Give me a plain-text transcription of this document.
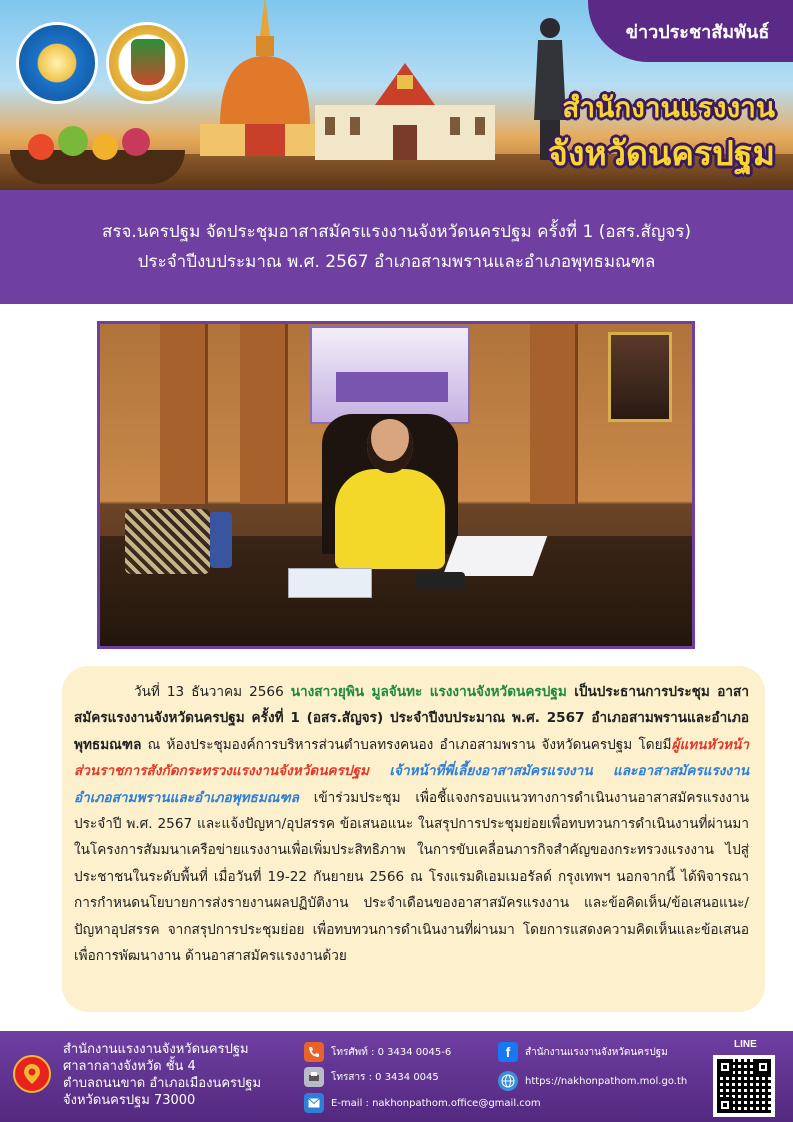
ข่าวประชาสัมพันธ์
สำนักงานแรงงาน
จังหวัดนครปฐม
สรจ.นครปฐม จัดประชุมอาสาสมัครแรงงานจังหวัดนครปฐม ครั้งที่ 1 (อสร.สัญจร)
ประจำปีงบประมาณ พ.ศ. 2567 อำเภอสามพรานและอำเภอพุทธมณฑล
วันที่ 13 ธันวาคม 2566 นางสาวยุพิน มูลจันทะ แรงงานจังหวัดนครปฐม เป็นประธานการประชุม อาสาสมัครแรงงานจังหวัดนครปฐม ครั้งที่ 1 (อสร.สัญจร) ประจำปีงบประมาณ พ.ศ. 2567 อำเภอสามพรานและอำเภอพุทธมณฑล ณ ห้องประชุมองค์การบริหารส่วนตำบลทรงคนอง อำเภอสามพราน จังหวัดนครปฐม โดยมีผู้แทนหัวหน้าส่วนราชการสังกัดกระทรวงแรงงานจังหวัดนครปฐม เจ้าหน้าที่พี่เลี้ยงอาสาสมัครแรงงาน และอาสาสมัครแรงงานอำเภอสามพรานและอำเภอพุทธมณฑล เข้าร่วมประชุม เพื่อชี้แจงกรอบแนวทางการดำเนินงานอาสาสมัครแรงงาน ประจำปี พ.ศ. 2567 และแจ้งปัญหา/อุปสรรค ข้อเสนอแนะ ในสรุปการประชุมย่อยเพื่อทบทวนการดำเนินงานที่ผ่านมา ในโครงการสัมมนาเครือข่ายแรงงานเพื่อเพิ่มประสิทธิภาพ ในการขับเคลื่อนภารกิจสำคัญของกระทรวงแรงงาน ไปสู่ประชาชนในระดับพื้นที่ เมื่อวันที่ 19-22 กันยายน 2566 ณ โรงแรมดิเอมเมอรัลด์ กรุงเทพฯ นอกจากนี้ ได้พิจารณาการกำหนดนโยบายการส่งรายงานผลปฏิบัติงาน ประจำเดือนของอาสาสมัครแรงงาน และข้อคิดเห็น/ข้อเสนอแนะ/ปัญหาอุปสรรค จากสรุปการประชุมย่อย เพื่อทบทวนการดำเนินงานที่ผ่านมา โดยการแสดงความคิดเห็นและข้อเสนอ เพื่อการพัฒนางาน ด้านอาสาสมัครแรงงานด้วย
สำนักงานแรงงานจังหวัดนครปฐม
ศาลากลางจังหวัด ชั้น 4
ตำบลถนนขาด อำเภอเมืองนครปฐม
จังหวัดนครปฐม 73000
โทรศัพท์ : 0 3434 0045-6
โทรสาร : 0 3434 0045
E-mail : nakhonpathom.office@gmail.com
f	สำนักงานแรงงานจังหวัดนครปฐม
https://nakhonpathom.mol.go.th
LINE
